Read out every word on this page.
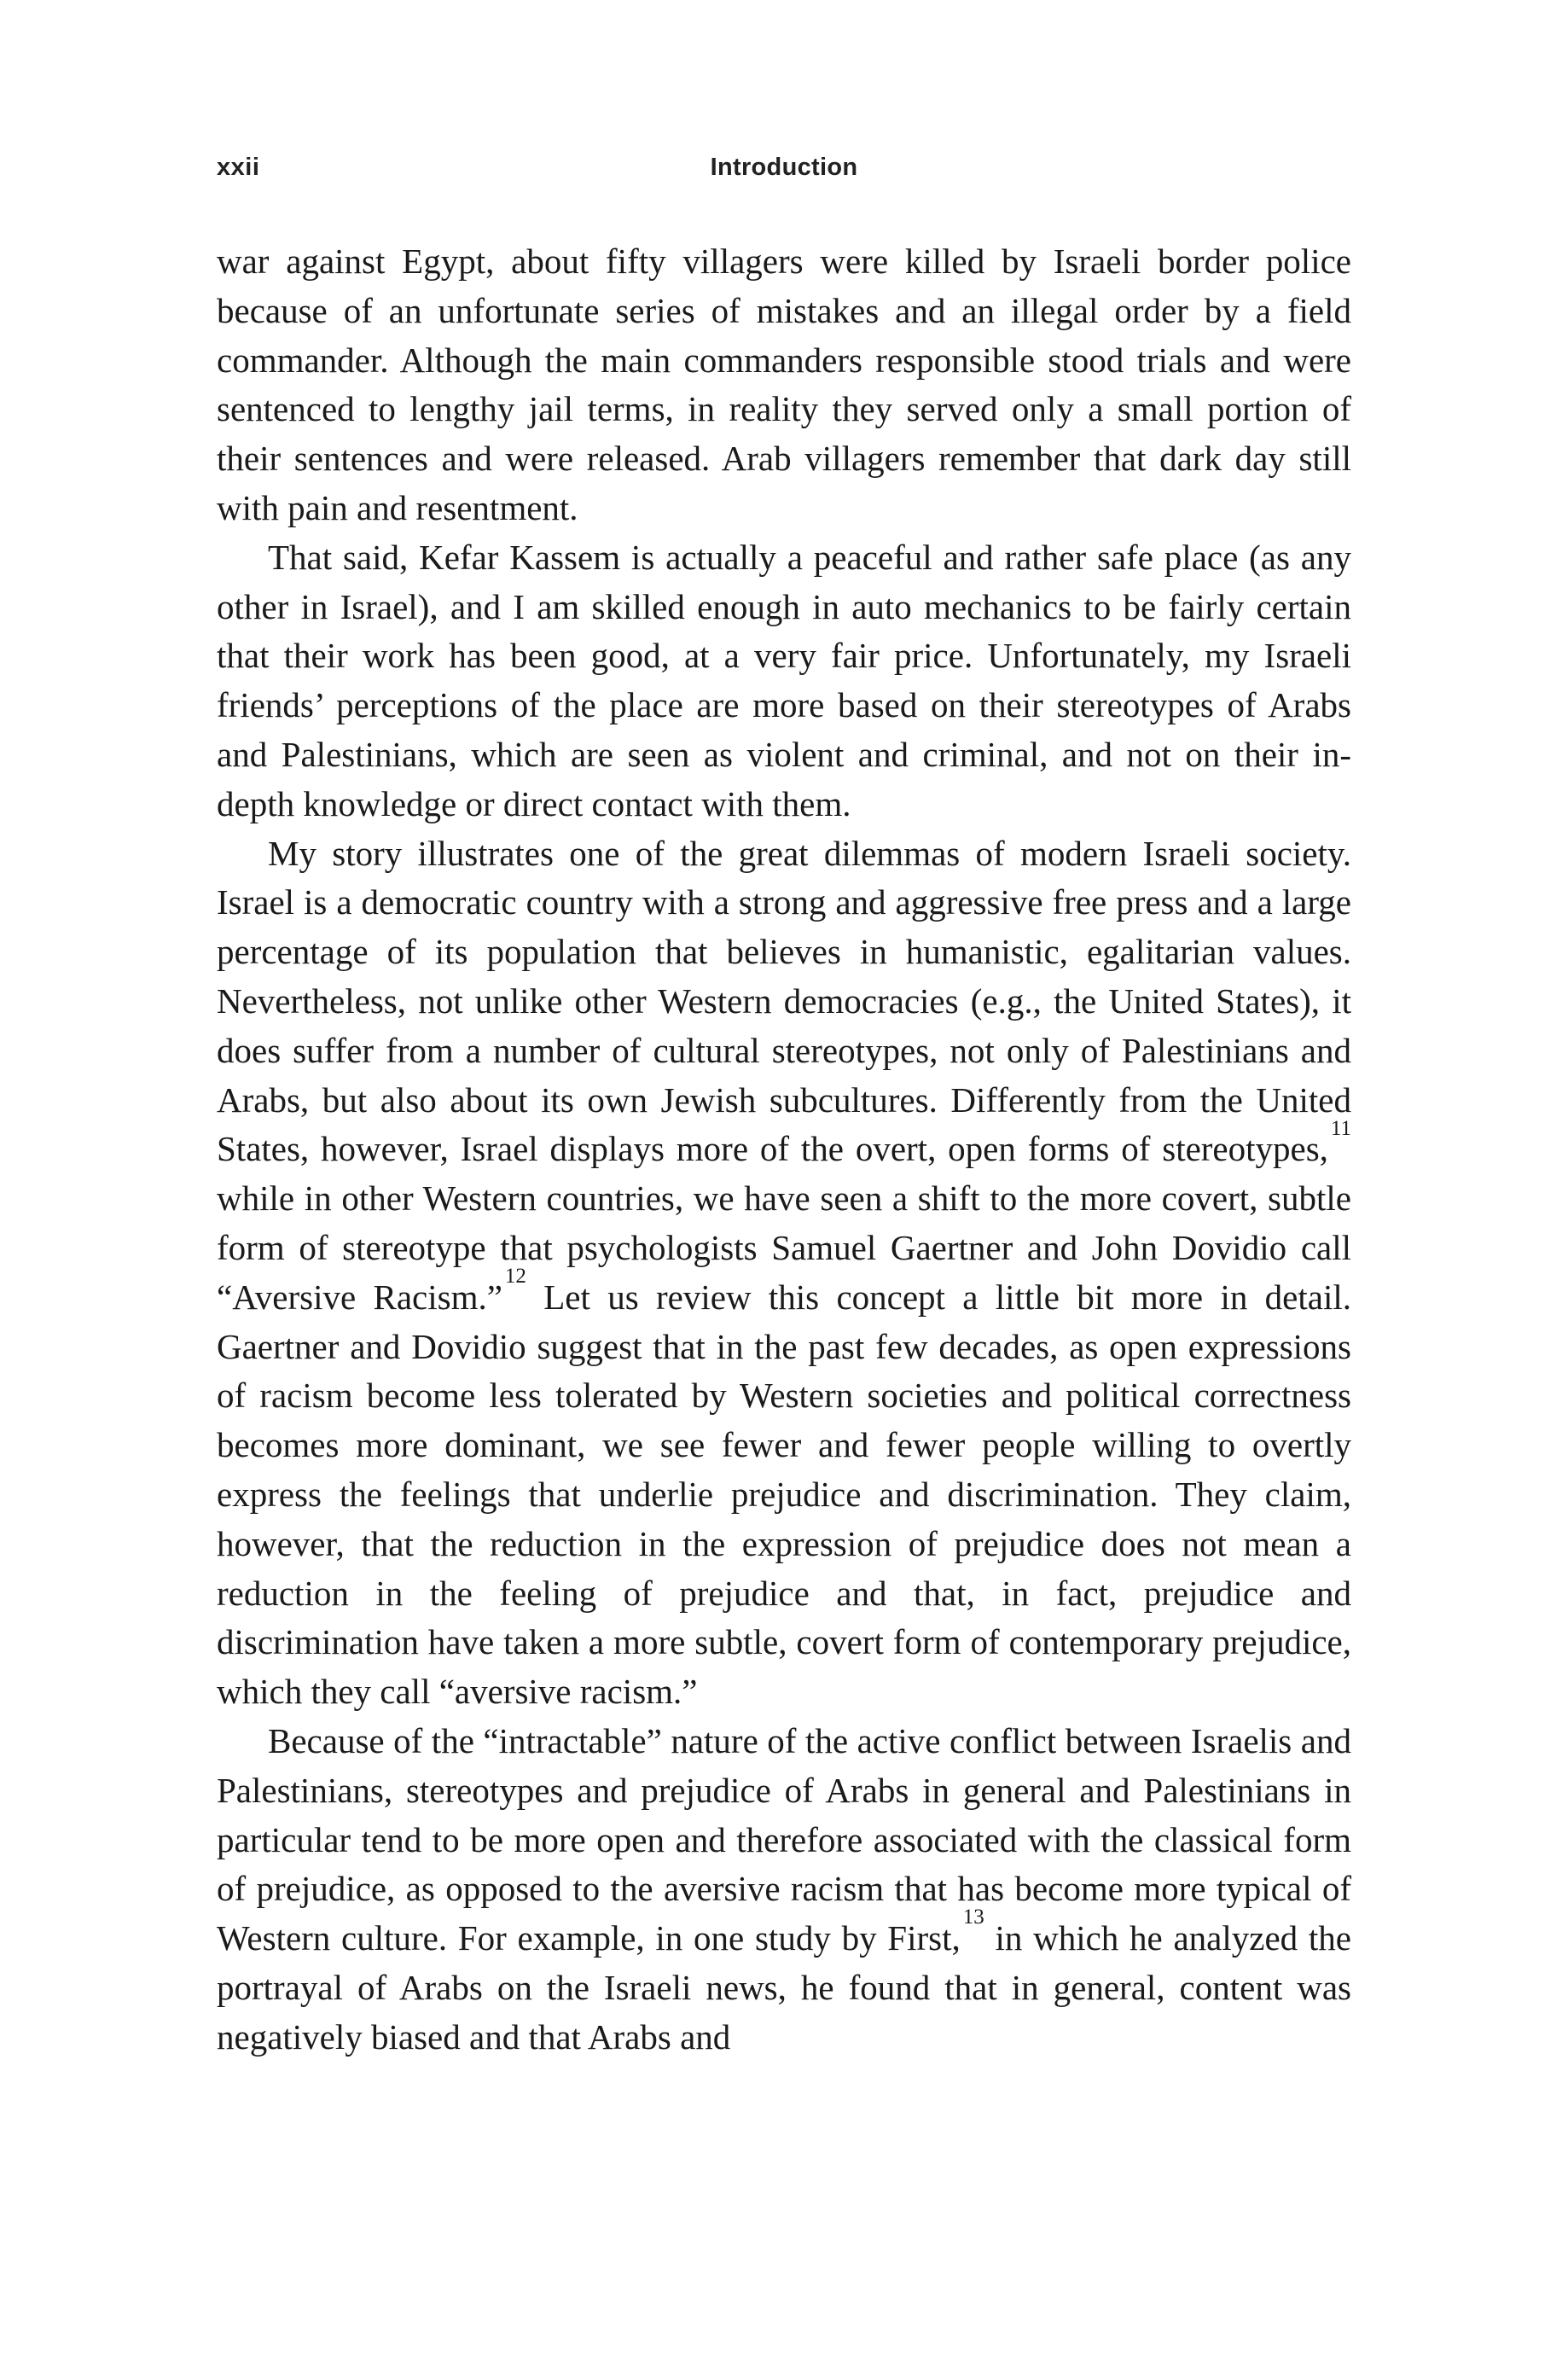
xxii	Introduction

war against Egypt, about fifty villagers were killed by Israeli border police because of an unfortunate series of mistakes and an illegal order by a field commander. Although the main commanders responsible stood trials and were sentenced to lengthy jail terms, in reality they served only a small portion of their sentences and were released. Arab villagers remember that dark day still with pain and resentment.

That said, Kefar Kassem is actually a peaceful and rather safe place (as any other in Israel), and I am skilled enough in auto mechanics to be fairly certain that their work has been good, at a very fair price. Unfortunately, my Israeli friends’ perceptions of the place are more based on their stereotypes of Arabs and Palestinians, which are seen as violent and criminal, and not on their in-depth knowledge or direct contact with them.

My story illustrates one of the great dilemmas of modern Israeli society. Israel is a democratic country with a strong and aggressive free press and a large percentage of its population that believes in humanistic, egalitarian values. Nevertheless, not unlike other Western democracies (e.g., the United States), it does suffer from a number of cultural stereotypes, not only of Palestinians and Arabs, but also about its own Jewish subcultures. Differently from the United States, however, Israel displays more of the overt, open forms of stereotypes,$^{11}$ while in other Western countries, we have seen a shift to the more covert, subtle form of stereotype that psychologists Samuel Gaertner and John Dovidio call “Aversive Racism.”$^{12}$ Let us review this concept a little bit more in detail. Gaertner and Dovidio suggest that in the past few decades, as open expressions of racism become less tolerated by Western societies and political correctness becomes more dominant, we see fewer and fewer people willing to overtly express the feelings that underlie prejudice and discrimination. They claim, however, that the reduction in the expression of prejudice does not mean a reduction in the feeling of prejudice and that, in fact, prejudice and discrimination have taken a more subtle, covert form of contemporary prejudice, which they call “aversive racism.”

Because of the “intractable” nature of the active conflict between Israelis and Palestinians, stereotypes and prejudice of Arabs in general and Palestinians in particular tend to be more open and therefore associated with the classical form of prejudice, as opposed to the aversive racism that has become more typical of Western culture. For example, in one study by First,$^{13}$ in which he analyzed the portrayal of Arabs on the Israeli news, he found that in general, content was negatively biased and that Arabs and
